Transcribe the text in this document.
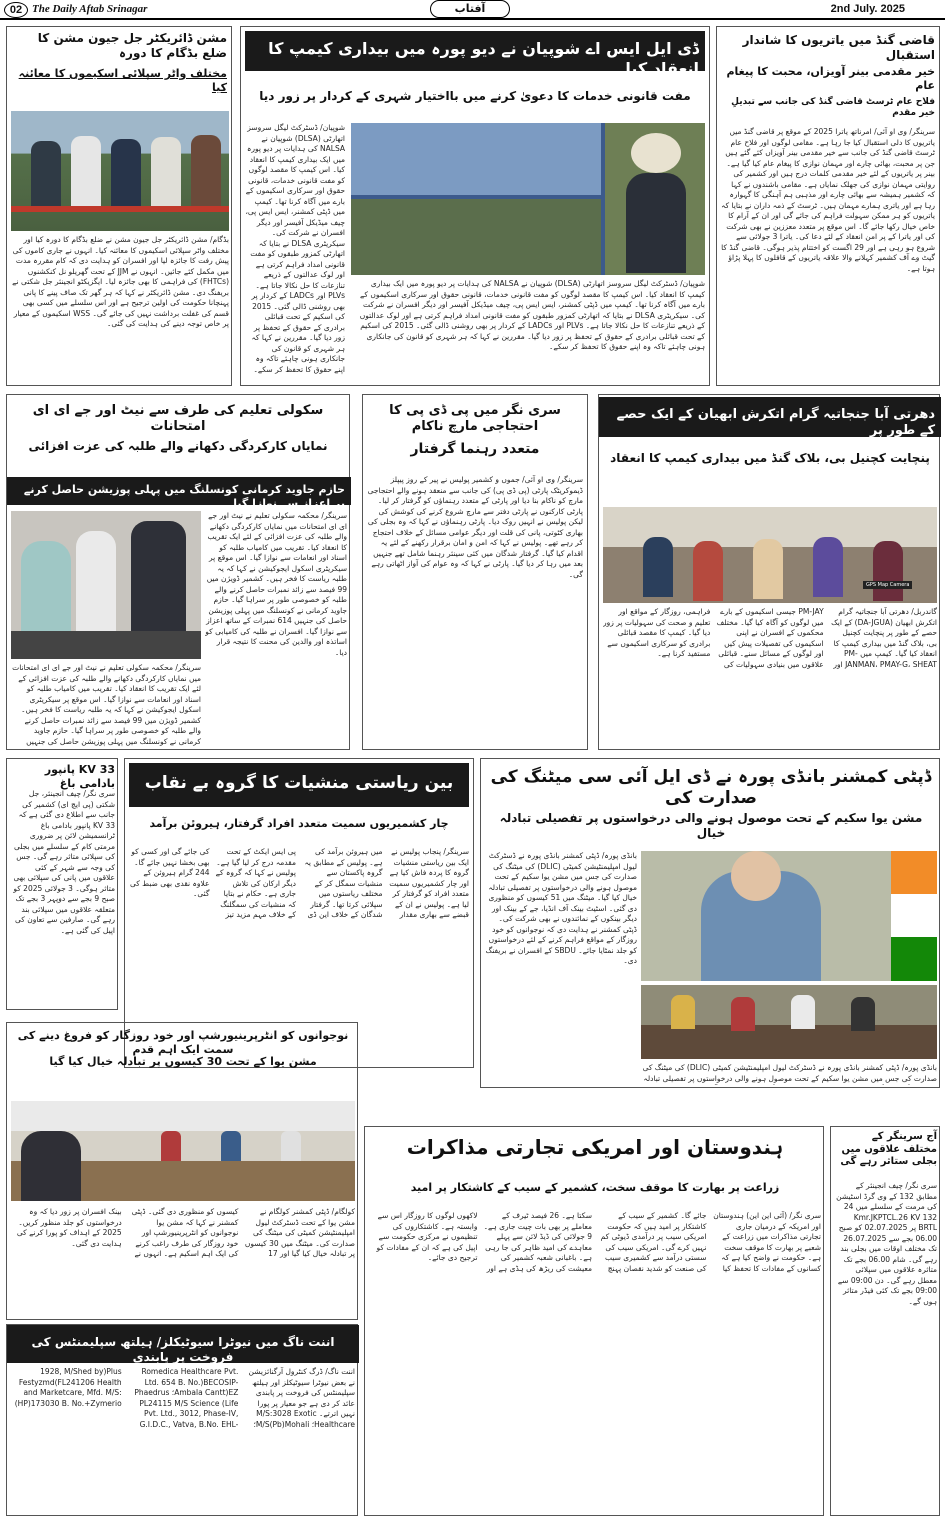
02 The Daily Aftab Srinagar	آفتاب	2nd July. 2025
مشن ڈائریکٹر جل جیون مشن کا ضلع بڈگام کا دورہ
مختلف واٹر سپلائی اسکیموں کا معائنہ کیا
بڈگام/ مشن ڈائریکٹر جل جیون مشن نے ضلع بڈگام کا دورہ کیا اور مختلف واٹر سپلائی اسکیموں کا معائنہ کیا۔ انہوں نے جاری کاموں کی پیش رفت کا جائزہ لیا اور افسران کو ہدایت دی کہ کام مقررہ مدت میں مکمل کئے جائیں۔ انہوں نے JJM کے تحت گھریلو نل کنکشنوں (FHTCs) کی فراہمی کا بھی جائزہ لیا۔ ایگزیکٹو انجینئر جل شکتی نے بریفنگ دی۔ مشن ڈائریکٹر نے کہا کہ ہر گھر تک صاف پینے کا پانی پہنچانا حکومت کی اولین ترجیح ہے اور اس سلسلے میں کسی بھی قسم کی غفلت برداشت نہیں کی جائے گی۔ WSS اسکیموں کے معیار پر خاص توجہ دینے کی ہدایت کی گئی۔
ڈی ایل ایس اے شوپیان نے دیو پورہ میں بیداری کیمپ کا انعقاد کیا
مفت قانونی خدمات کا دعویٰ کرنے میں بااختیار شہری کے کردار پر زور دیا
شوپیان/ ڈسٹرکٹ لیگل سروسز اتھارٹی (DLSA) شوپیان نے NALSA کی ہدایات پر دیو پورہ میں ایک بیداری کیمپ کا انعقاد کیا۔ اس کیمپ کا مقصد لوگوں کو مفت قانونی خدمات، قانونی حقوق اور سرکاری اسکیموں کے بارے میں آگاہ کرنا تھا۔ کیمپ میں ڈپٹی کمشنر، ایس ایس پی، چیف میڈیکل آفیسر اور دیگر افسران نے شرکت کی۔ سیکریٹری DLSA نے بتایا کہ اتھارٹی کمزور طبقوں کو مفت قانونی امداد فراہم کرتی ہے اور لوک عدالتوں کے ذریعے تنازعات کا حل نکالا جاتا ہے۔ PLVs اور LADCs کے کردار پر بھی روشنی ڈالی گئی۔ 2015 کی اسکیم کے تحت قبائلی برادری کے حقوق کے تحفظ پر زور دیا گیا۔ مقررین نے کہا کہ ہر شہری کو قانون کی جانکاری ہونی چاہئے تاکہ وہ اپنے حقوق کا تحفظ کر سکے۔
شوپیان/ ڈسٹرکٹ لیگل سروسز اتھارٹی (DLSA) شوپیان نے NALSA کی ہدایات پر دیو پورہ میں ایک بیداری کیمپ کا انعقاد کیا۔ اس کیمپ کا مقصد لوگوں کو مفت قانونی خدمات، قانونی حقوق اور سرکاری اسکیموں کے بارے میں آگاہ کرنا تھا۔ کیمپ میں ڈپٹی کمشنر، ایس ایس پی، چیف میڈیکل آفیسر اور دیگر افسران نے شرکت کی۔ سیکریٹری DLSA نے بتایا کہ اتھارٹی کمزور طبقوں کو مفت قانونی امداد فراہم کرتی ہے اور لوک عدالتوں کے ذریعے تنازعات کا حل نکالا جاتا ہے۔ PLVs اور LADCs کے کردار پر بھی روشنی ڈالی گئی۔ 2015 کی اسکیم کے تحت قبائلی برادری کے حقوق کے تحفظ پر زور دیا گیا۔ مقررین نے کہا کہ ہر شہری کو قانون کی جانکاری ہونی چاہئے تاکہ وہ اپنے حقوق کا تحفظ کر سکے۔
قاضی گنڈ میں یاتریوں کا شاندار استقبال
خیر مقدمی بینر آویزاں، محبت کا پیغام عام
فلاح عام ٹرسٹ قاضی گنڈ کی جانب سے تبدیلِ خیر مقدم
سرینگر/ وی او آئی/ امرناتھ یاترا 2025 کے موقع پر قاضی گنڈ میں یاتریوں کا دلی استقبال کیا جا رہا ہے۔ مقامی لوگوں اور فلاح عام ٹرسٹ قاضی گنڈ کی جانب سے خیر مقدمی بینر آویزاں کئے گئے ہیں جن پر محبت، بھائی چارے اور مہمان نوازی کا پیغام عام کیا گیا ہے۔ بینر پر یاتریوں کے لئے خیر مقدمی کلمات درج ہیں اور کشمیر کی روایتی مہمان نوازی کی جھلک نمایاں ہے۔ مقامی باشندوں نے کہا کہ کشمیر ہمیشہ سے بھائی چارے اور مذہبی ہم آہنگی کا گہوارہ رہا ہے اور یاتری ہمارے مہمان ہیں۔ ٹرسٹ کے ذمہ داران نے بتایا کہ یاتریوں کو ہر ممکن سہولت فراہم کی جائے گی اور ان کے آرام کا خاص خیال رکھا جائے گا۔ اس موقع پر متعدد معززین نے بھی شرکت کی اور یاترا کے پر امن انعقاد کے لئے دعا کی۔ یاترا 3 جولائی سے شروع ہو رہی ہے اور 29 اگست کو اختتام پذیر ہوگی۔ قاضی گنڈ کا گیٹ وے آف کشمیر کہلانے والا علاقہ یاتریوں کے قافلوں کا پہلا پڑاؤ ہوتا ہے۔
سکولی تعلیم کی طرف سے نیٹ اور جے ای ای امتحانات
نمایاں کارکردگی دکھانے والے طلبہ کی عزت افزائی
حازم جاوید کرمانی کونسلنگ میں پہلی پوزیشن حاصل کرنے پر اعزاز سے نوازا گیا
سرینگر/ محکمہ سکولی تعلیم نے نیٹ اور جے ای ای امتحانات میں نمایاں کارکردگی دکھانے والے طلبہ کی عزت افزائی کے لئے ایک تقریب کا انعقاد کیا۔ تقریب میں کامیاب طلبہ کو اسناد اور انعامات سے نوازا گیا۔ اس موقع پر سیکریٹری اسکول ایجوکیشن نے کہا کہ یہ طلبہ ریاست کا فخر ہیں۔ کشمیر ڈویژن میں 99 فیصد سے زائد نمبرات حاصل کرنے والے طلبہ کو خصوصی طور پر سراہا گیا۔ حازم جاوید کرمانی نے کونسلنگ میں پہلی پوزیشن حاصل کی جنہیں 614 نمبرات کے ساتھ اعزاز سے نوازا گیا۔ افسران نے طلبہ کی کامیابی کو اساتذہ اور والدین کی محنت کا نتیجہ قرار دیا۔
سرینگر/ محکمہ سکولی تعلیم نے نیٹ اور جے ای ای امتحانات میں نمایاں کارکردگی دکھانے والے طلبہ کی عزت افزائی کے لئے ایک تقریب کا انعقاد کیا۔ تقریب میں کامیاب طلبہ کو اسناد اور انعامات سے نوازا گیا۔ اس موقع پر سیکریٹری اسکول ایجوکیشن نے کہا کہ یہ طلبہ ریاست کا فخر ہیں۔ کشمیر ڈویژن میں 99 فیصد سے زائد نمبرات حاصل کرنے والے طلبہ کو خصوصی طور پر سراہا گیا۔ حازم جاوید کرمانی نے کونسلنگ میں پہلی پوزیشن حاصل کی جنہیں
سری نگر میں پی ڈی پی کا احتجاجی مارچ ناکام
متعدد رہنما گرفتار
سرینگر/ وی او آئی/ جموں و کشمیر پولیس نے پیر کے روز پیپلز ڈیموکریٹک پارٹی (پی ڈی پی) کی جانب سے منعقد ہونے والے احتجاجی مارچ کو ناکام بنا دیا اور پارٹی کے متعدد رہنماؤں کو گرفتار کر لیا۔ پارٹی کارکنوں نے پارٹی دفتر سے مارچ شروع کرنے کی کوشش کی لیکن پولیس نے انہیں روک دیا۔ پارٹی رہنماؤں نے کہا کہ وہ بجلی کی بھاری کٹوتی، پانی کی قلت اور دیگر عوامی مسائل کے خلاف احتجاج کر رہے تھے۔ پولیس نے کہا کہ امن و امان برقرار رکھنے کے لئے یہ اقدام کیا گیا۔ گرفتار شدگان میں کئی سینئر رہنما شامل تھے جنہیں بعد میں رہا کر دیا گیا۔ پارٹی نے کہا کہ وہ عوام کی آواز اٹھاتی رہے گی۔
دھرتی آبا جنجاتیہ گرام اتکرش ابھیان کے ایک حصے کے طور پر
پنچایت کچنیل بی، بلاک گنڈ میں بیداری کیمپ کا انعقاد
GPS Map Camera
گاندربل/ دھرتی آبا جنجاتیہ گرام اتکرش ابھیان (DA-JGUA) کے ایک حصے کے طور پر پنچایت کچنیل بی، بلاک گنڈ میں بیداری کیمپ کا انعقاد کیا گیا۔ کیمپ میں PM-JANMAN، PMAY-G، SHEAT اور PM-JAY جیسی اسکیموں کے بارے میں لوگوں کو آگاہ کیا گیا۔ مختلف محکموں کے افسران نے اپنی اسکیموں کی تفصیلات پیش کیں اور لوگوں کے مسائل سنے۔ قبائلی علاقوں میں بنیادی سہولیات کی فراہمی، روزگار کے مواقع اور تعلیم و صحت کی سہولیات پر زور دیا گیا۔ کیمپ کا مقصد قبائلی برادری کو سرکاری اسکیموں سے مستفید کرنا ہے۔
33 KV پانپور بادامی باغ
سری نگر/ چیف انجینئر، جل شکتی (پی ایچ ای) کشمیر کی جانب سے اطلاع دی گئی ہے کہ 33 KV پانپور بادامی باغ ٹرانسمیشن لائن پر ضروری مرمتی کام کے سلسلے میں بجلی کی سپلائی متاثر رہے گی۔ جس کی وجہ سے شہر کے کئی علاقوں میں پانی کی سپلائی بھی متاثر ہوگی۔ 3 جولائی 2025 کو صبح 9 بجے سے دوپہر 3 بجے تک متعلقہ علاقوں میں سپلائی بند رہے گی۔ صارفین سے تعاون کی اپیل کی گئی ہے۔
بین ریاستی منشیات کا گروہ بے نقاب
چار کشمیریوں سمیت متعدد افراد گرفتار، ہیروئن برآمد
سرینگر/ پنجاب پولیس نے ایک بین ریاستی منشیات گروہ کا پردہ فاش کیا ہے اور چار کشمیریوں سمیت متعدد افراد کو گرفتار کر لیا ہے۔ پولیس نے ان کے قبضے سے بھاری مقدار میں ہیروئن برآمد کی ہے۔ پولیس کے مطابق یہ گروہ پاکستان سے منشیات سمگل کر کے مختلف ریاستوں میں سپلائی کرتا تھا۔ گرفتار شدگان کے خلاف این ڈی پی ایس ایکٹ کے تحت مقدمہ درج کر لیا گیا ہے۔ پولیس نے کہا کہ گروہ کے دیگر ارکان کی تلاش جاری ہے۔ حکام نے بتایا کہ منشیات کی سمگلنگ کے خلاف مہم مزید تیز کی جائے گی اور کسی کو بھی بخشا نہیں جائے گا۔ 244 گرام ہیروئن کے علاوہ نقدی بھی ضبط کی گئی۔
ڈپٹی کمشنر بانڈی پورہ نے ڈی ایل آئی سی میٹنگ کی صدارت کی
مشن یوا سکیم کے تحت موصول ہونے والی درخواستوں پر تفصیلی تبادلہ خیال
بانڈی پورہ/ ڈپٹی کمشنر بانڈی پورہ نے ڈسٹرکٹ لیول امپلیمنٹیشن کمیٹی (DLIC) کی میٹنگ کی صدارت کی جس میں مشن یوا سکیم کے تحت موصول ہونے والی درخواستوں پر تفصیلی تبادلہ خیال کیا گیا۔ میٹنگ میں 51 کیسوں کو منظوری دی گئی۔ اسٹیٹ بینک آف انڈیا، جے کے بینک اور دیگر بینکوں کے نمائندوں نے بھی شرکت کی۔ ڈپٹی کمشنر نے ہدایت دی کہ نوجوانوں کو خود روزگار کے مواقع فراہم کرنے کے لئے درخواستوں کو جلد نمٹایا جائے۔ SBDU کے افسران نے بریفنگ دی۔
بانڈی پورہ/ ڈپٹی کمشنر بانڈی پورہ نے ڈسٹرکٹ لیول امپلیمنٹیشن کمیٹی (DLIC) کی میٹنگ کی صدارت کی جس میں مشن یوا سکیم کے تحت موصول ہونے والی درخواستوں پر تفصیلی تبادلہ
نوجوانوں کو انٹرپرینیورشپ اور خود روزگار کو فروغ دینے کی سمت ایک اہم قدم
مشن یوا کے تحت 30 کیسوں پر تبادلہ خیال کیا گیا
کولگام/ ڈپٹی کمشنر کولگام نے مشن یوا کے تحت ڈسٹرکٹ لیول امپلیمنٹیشن کمیٹی کی میٹنگ کی صدارت کی۔ میٹنگ میں 30 کیسوں پر تبادلہ خیال کیا گیا اور 17 کیسوں کو منظوری دی گئی۔ ڈپٹی کمشنر نے کہا کہ مشن یوا نوجوانوں کو انٹرپرینیورشپ اور خود روزگار کی طرف راغب کرنے کی ایک اہم اسکیم ہے۔ انہوں نے بینک افسران پر زور دیا کہ وہ درخواستوں کو جلد منظور کریں۔ 2025 کے اہداف کو پورا کرنے کی ہدایت دی گئی۔
اننت ناگ میں نیوٹرا سیوٹیکلز/ ہیلتھ سپلیمنٹس کی فروخت پر پابندی
اننت ناگ/ ڈرگ کنٹرول آرگنائزیشن نے بعض نیوٹرا سیوٹیکلز اور ہیلتھ سپلیمنٹس کی فروخت پر پابندی عائد کر دی ہے جو معیار پر پورا نہیں اترتے۔ M/S:3028 Exotic Healthcare؛ M/S(Pb)Mohali؛ Romedica Healthcare Pvt. Ltd. 654 B. No.)BECOSIP-EZ(Ambala Cantt؛ Phaedrus Life) PL24115 M/S Science Pvt. Ltd., 3012, Phase-IV, G.I.D.C., Vatva, B.No. EHL-1928, M/Shed by)Plus Festyzmd(FL241206 Health and Marketcare, Mfd. M/S: (HP)173030 B. No.+Zymerio
ہندوستان اور امریکی تجارتی مذاکرات
زراعت پر بھارت کا موقف سخت، کشمیر کے سیب کے کاشتکار پر امید
سری نگر/ (آئی این این) ہندوستان اور امریکہ کے درمیان جاری تجارتی مذاکرات میں زراعت کے شعبے پر بھارت کا موقف سخت ہے۔ حکومت نے واضح کیا ہے کہ کسانوں کے مفادات کا تحفظ کیا جائے گا۔ کشمیر کے سیب کے کاشتکار پر امید ہیں کہ حکومت امریکی سیب پر درآمدی ڈیوٹی کم نہیں کرے گی۔ امریکی سیب کی سستی درآمد سے کشمیری سیب کی صنعت کو شدید نقصان پہنچ سکتا ہے۔ 26 فیصد ٹیرف کے معاملے پر بھی بات چیت جاری ہے۔ 9 جولائی کی ڈیڈ لائن سے پہلے معاہدے کی امید ظاہر کی جا رہی ہے۔ باغبانی شعبہ کشمیر کی معیشت کی ریڑھ کی ہڈی ہے اور لاکھوں لوگوں کا روزگار اس سے وابستہ ہے۔ کاشتکاروں کی تنظیموں نے مرکزی حکومت سے اپیل کی ہے کہ ان کے مفادات کو ترجیح دی جائے۔
آج سرینگر کے مختلف علاقوں میں بجلی ستاثر رہے گی
سری نگر/ چیف انجینئر کے مطابق 132 کے وی گرڈ اسٹیشن کی مرمت کے سلسلے میں 24 132 Kmr.JKPTCL.26 KV BRTL پر 02.07.2025 کو صبح 06.00 بجے سے 26.07.2025 تک مختلف اوقات میں بجلی بند رہے گی۔ شام 06.00 بجے تک متاثرہ علاقوں میں سپلائی معطل رہے گی۔ دن 09:00 سے 09:00 بجے تک کئی فیڈر متاثر ہوں گے۔
